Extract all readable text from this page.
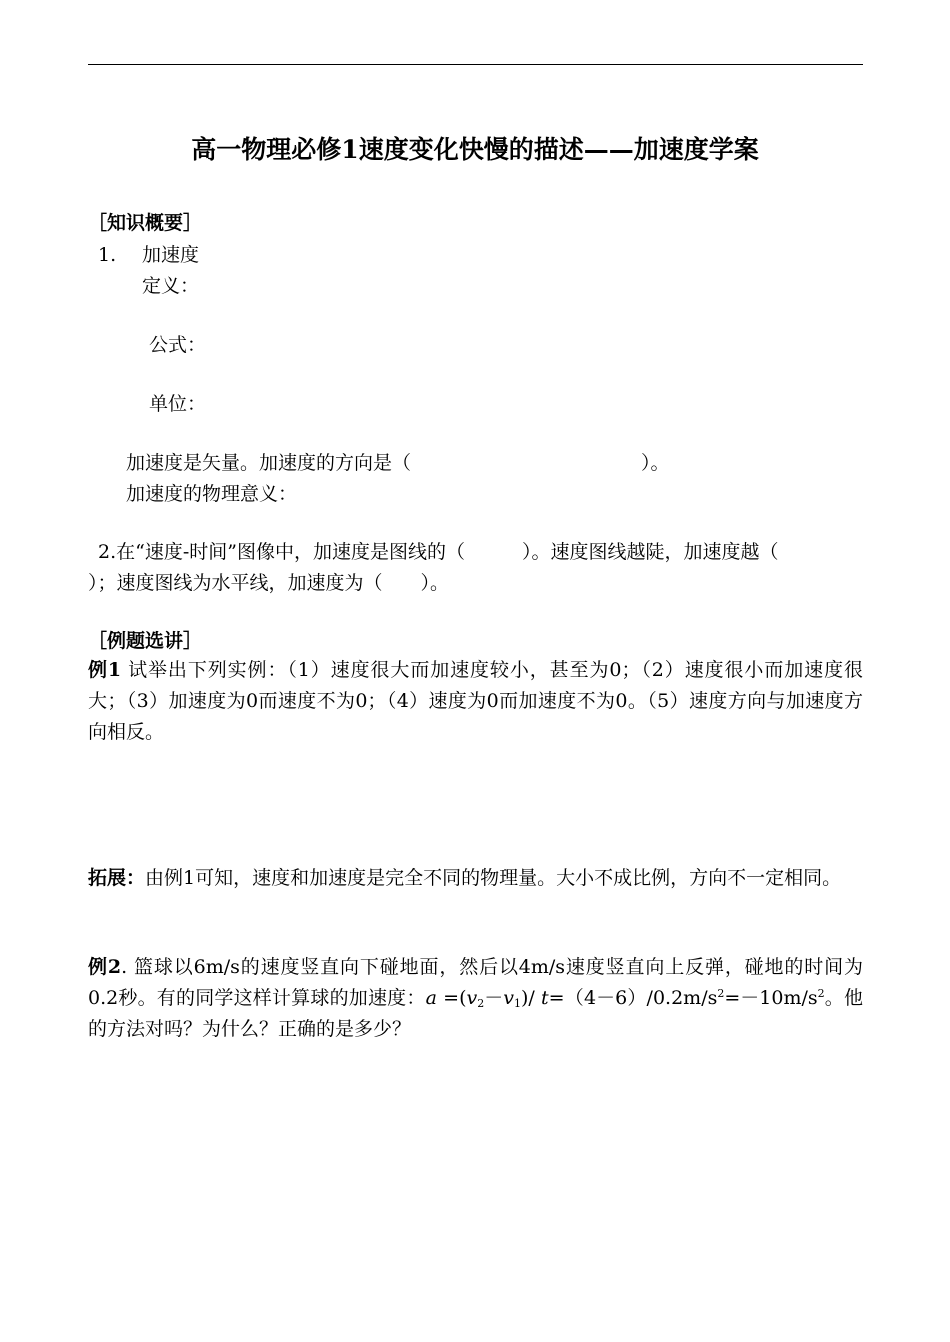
高一物理必修1速度变化快慢的描述——加速度学案
［知识概要］
1. 加速度
定义：
公式：
单位：
加速度是矢量。加速度的方向是（	）。
加速度的物理意义：
2.在“速度-时间”图像中，加速度是图线的（　　　）。速度图线越陡，加速度越（
）；速度图线为水平线，加速度为（　　）。
［例题选讲］
例1 试举出下列实例：（1）速度很大而加速度较小，甚至为0；（2）速度很小而加速度很大；（3）加速度为0而速度不为0；（4）速度为0而加速度不为0。（5）速度方向与加速度方向相反。
拓展：由例1可知，速度和加速度是完全不同的物理量。大小不成比例，方向不一定相同。
例2. 篮球以6m/s的速度竖直向下碰地面，然后以4m/s速度竖直向上反弹，碰地的时间为0.2秒。有的同学这样计算球的加速度：$a =(v_2-v_1)/$ $t=(4-6)/0.2m/s^2=-10m/s^2$。他的方法对吗？为什么？正确的是多少？
